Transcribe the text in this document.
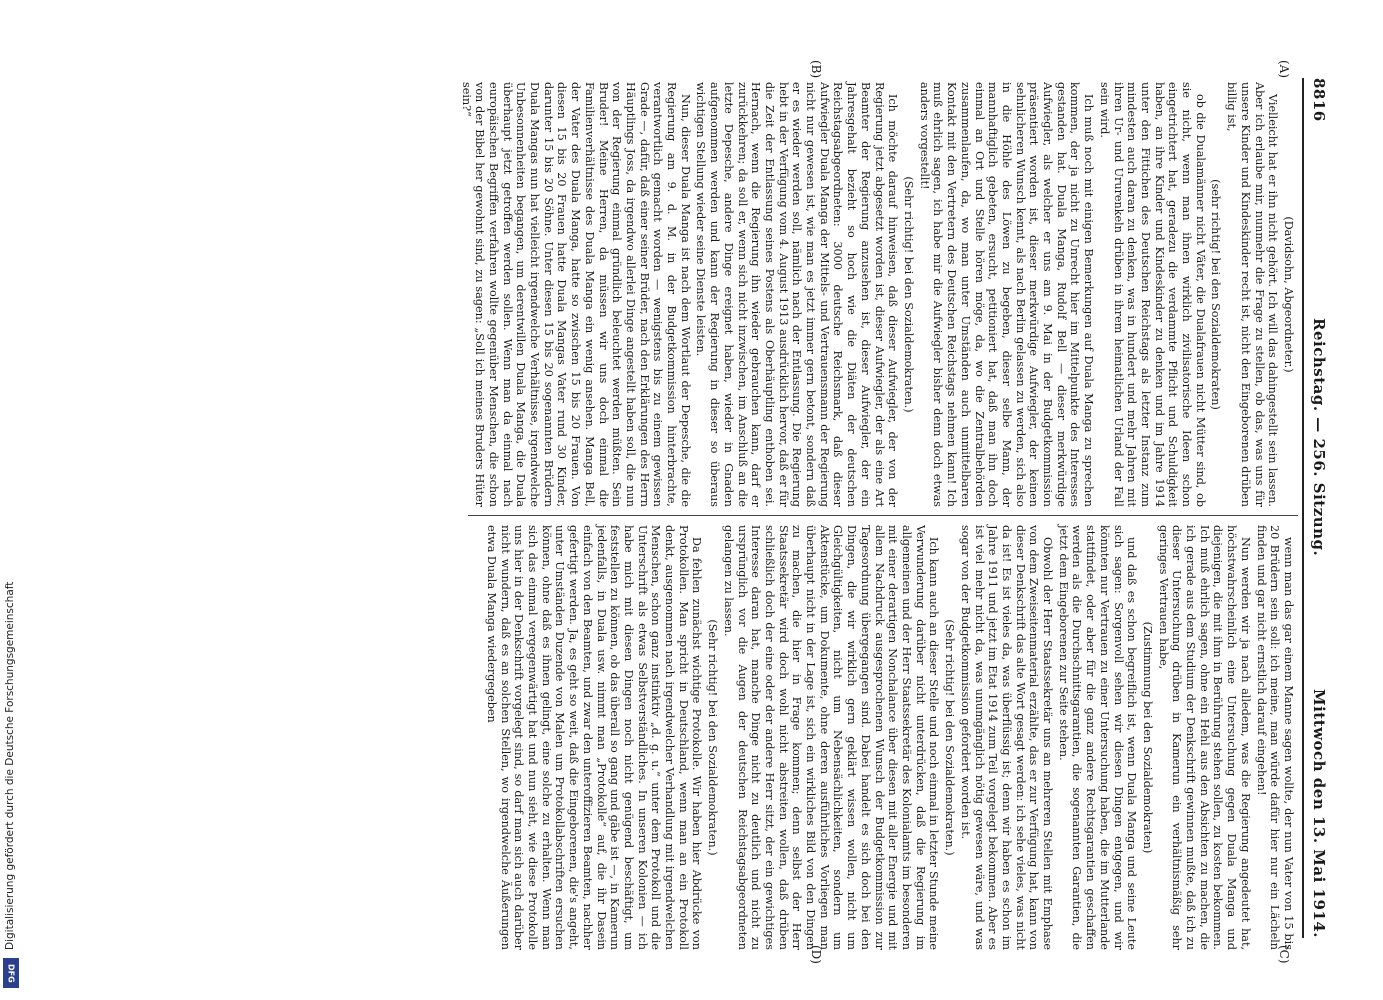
8816
Reichstag. — 256. Sitzung.
Mittwoch den 13. Mai 1914.
(A)
(B)
(C)
(D)

(Davidsohn, Abgeordneter.)

Vielleicht hat er ihn nicht gehört. Ich will das dahingestellt sein lassen. Aber ich erlaube mir, nunmehr die Frage zu stellen, ob das, was uns für unsere Kinder und Kindeskinder recht ist, nicht den Eingeborenen drüben billig ist,

(sehr richtig! bei den Sozialdemokraten)

ob die Dualamänner nicht Väter, die Dualafrauen nicht Mütter sind, ob sie nicht, wenn man ihnen wirklich zivilisatorische Ideen schon eingetrichtert hat, geradezu die verdammte Pflicht und Schuldigkeit haben, an ihre Kinder und Kindeskinder zu denken und im Jahre 1914 unter den Fittichen des Deutschen Reichstags als letzter Instanz zum mindesten auch daran zu denken, was in hundert und mehr Jahren mit ihren Ur- und Ururenkeln drüben in ihrem heimatlichen Urland der Fall sein wird.

Ich muß noch mit einigen Bemerkungen auf Duala Manga zu sprechen kommen, der ja nicht zu Unrecht hier im Mittelpunkte des Interesses gestanden hat. Duala Manga, Rudolf Bell — dieser merkwürdige Aufwiegler, als welcher er uns am 9. Mai in der Budgetkommission präsentiert worden ist, dieser merkwürdige Aufwiegler, der keinen sehnlicheren Wunsch kennt, als nach Berlin gelassen zu werden, sich also in die Höhle des Löwen zu begeben, dieser selbe Mann, der mannhaftiglich gebeten, ersucht, petitioniert hat, daß man ihn doch einmal an Ort und Stelle hören möge, da, wo die Zentralbehörden zusammenlaufen, da, wo man unter Umständen auch unmittelbaren Kontakt mit den Vertretern des Deutschen Reichstags nehmen kann! Ich muß ehrlich sagen, ich habe mir die Aufwiegler bisher denn doch etwas anders vorgestellt!

(Sehr richtig! bei den Sozialdemokraten.)

Ich möchte darauf hinweisen, daß dieser Aufwiegler, der von der Regierung jetzt abgesetzt worden ist, dieser Aufwiegler, der als eine Art Beamter der Regierung anzusehen ist, dieser Aufwiegler, der ein Jahresgehalt bezieht so hoch wie die Diäten der deutschen Reichstagsabgeordneten: 3000 deutsche Reichsmark, daß dieser Aufwiegler Duala Manga der Mittels- und Vertrauensmann der Regierung nicht nur gewesen ist, wie man es jetzt immer gern betont, sondern daß er es wieder werden soll, nämlich nach der Entlassung. Die Regierung hebt in der Verfügung vom 4. August 1913 ausdrücklich hervor, daß er für die Zeit der Entlassung seines Postens als Oberhäuptling enthoben sei. Hernach, wenn die Regierung ihn wieder gebrauchen kann, darf er zurückkehren; da soll er, wenn sich nicht inzwischen, im Anschluß an die letzte Depesche, andere Dinge ereignet haben, wieder in Gnaden aufgenommen werden und kann der Regierung in dieser so überaus wichtigen Stellung wieder seine Dienste leisten.

Nun, dieser Duala Manga ist nach dem Wortlaut der Depesche, die die Regierung am 9. d. M. in der Budgetkommission hinterbrachte, verantwortlich gemacht worden — wenigstens bis zu einem gewissen Grade —, dafür, daß einer seiner Brüder, nach den Erklärungen des Herrn Häuptlings Joss, da irgendwo allerlei Dinge angestellt haben soll, die nun von der Regierung einmal gründlich beleuchtet werden müßten. Sein Bruder! Meine Herren, da müssen wir uns doch einmal die Familienverhältnisse des Duala Manga ein wenig ansehen. Manga Bell, der Vater des Duala Manga, hatte so zwischen 15 bis 20 Frauen. Von diesen 15 bis 20 Frauen hatte Duala Mangas Vater rund 30 Kinder, darunter 15 bis 20 Söhne. Unter diesen 15 bis 20 sogenannten Brüdern Duala Mangas nun hat vielleicht irgendwelche Verhältnisse, irgendwelche Unbesonnenheiten begangen, um derentwillen Duala Manga, die Duala überhaupt jetzt getroffen werden sollen. Wenn man da einmal nach europäischen Begriffen verfahren wollte gegenüber Menschen, die schon von der Bibel her gewohnt sind, zu sagen: „Soll ich meines Bruders Hüter sein?“

wenn man das gar einem Manne sagen wollte, der nun Vater von 15 bis 20 Brüdern sein soll: ich meine, man würde dafür hier nur ein Lächeln finden und gar nicht ernstlich darauf eingehen!

Nun werden wir ja nach alledem, was die Regierung angedeutet hat, höchstwahrscheinlich eine Untersuchung gegen Duala Manga und diejenigen, die mit ihm in Berührung stehen sollen, zu kosten bekommen. Ich muß ehrlich sagen, ohne ein Hehl aus den Absichten zu machen, die ich gerade aus dem Studium der Denkschrift gewinnen mußte, daß ich zu dieser Untersuchung drüben in Kamerun ein verhältnismäßig sehr geringes Vertrauen habe,

(Zustimmung bei den Sozialdemokraten)

und daß es schon begreiflich ist, wenn Duala Manga und seine Leute sich sagen: Sorgenvoll sehen wir diesen Dingen entgegen, und wir könnten nur Vertrauen zu einer Untersuchung haben, die im Mutterlande stattfindet, oder aber für die ganz andere Rechtsgarantien geschaffen werden als die Durchschnittsgarantien, die sogenannten Garantien, die jetzt dem Eingeborenen zur Seite stehen.

Obwohl der Herr Staatssekretär uns an mehreren Stellen mit Emphase von dem Zweiseitenmaterial erzählte, das er zur Verfügung hat, kann von dieser Denkschrift das alte Wort gesagt werden: ich sehe vieles, was nicht da ist! Es ist vieles da, was überflüssig ist; denn wir haben es schon im Jahre 1911 und jetzt im Etat 1914 zum Teil vorgelegt bekommen. Aber es ist viel mehr nicht da, was unumgänglich nötig gewesen wäre, und was sogar von der Budgetkommission gefordert worden ist.

(Sehr richtig! bei den Sozialdemokraten.)

Ich kann auch an dieser Stelle und noch einmal in letzter Stunde meine Verwunderung darüber nicht unterdrücken, daß die Regierung im allgemeinen und der Herr Staatssekretär des Kolonialamts im besonderen mit einer derartigen Nonchalance über diesen mit aller Energie und mit allem Nachdruck ausgesprochenen Wunsch der Budgetkommission zur Tagesordnung übergegangen sind. Dabei handelt es sich doch bei den Dingen, die wir wirklich gern geklärt wissen wollen, nicht um Gleichgültigkeiten, nicht um Nebensächlichkeiten, sondern um Aktenstücke, um Dokumente, ohne deren ausführliches Vorliegen man überhaupt nicht in der Lage ist, sich ein wirkliches Bild von den Dingen zu machen, die hier in Frage kommen; denn selbst der Herr Staatssekretär wird doch wohl nicht abstreiten wollen, daß drüben schließlich doch der eine oder der andere Herr sitzt, der ein gewichtiges Interesse daran hat, manche Dinge nicht zu deutlich und nicht zu ursprünglich vor die Augen der deutschen Reichstagsabgeordneten gelangen zu lassen.

(Sehr richtig! bei den Sozialdemokraten.)

Da fehlen zunächst wichtige Protokolle. Wir haben hier Abdrücke von Protokollen. Man spricht in Deutschland, wenn man an ein Protokoll denkt, ausgenommen nach irgendwelcher Verhandlung mit irgendwelchen Menschen, schon ganz instinktiv „d. g. u.“ unter dem Protokoll und die Unterschrift als etwas Selbstverständliches. In unseren Kolonien — ich habe mich mit diesen Dingen noch nicht genügend beschäftigt, um feststellen zu können, ob das überall so gang und gäbe ist —, in Kamerun jedenfalls, in Duala usw. nimmt man „Protokolle“ auf, die ihr Dasein einfach von den Beamten, und zwar den unteroffizieren Beamten, nachher gefertigt werden. Ja, es geht so weit, daß die Eingeborenen, die's angeht, unter Umständen Duzende von Malen um Protokollabschriften ersuchen können, ohne daß es ihnen gelingt, eine solche zu erhalten. Wenn man sich das einmal vergegenwärtigt hat und nun sieht, wie diese Protokolle uns hier in der Denkschrift vorgelegt sind, so darf man sich auch darüber nicht wundern, daß es an solchen Stellen, wo irgendwelche Äußerungen etwa Duala Manga wiedergegeben

Digitalisierung gefördert durch die Deutsche Forschungsgemeinschaft
DFG
